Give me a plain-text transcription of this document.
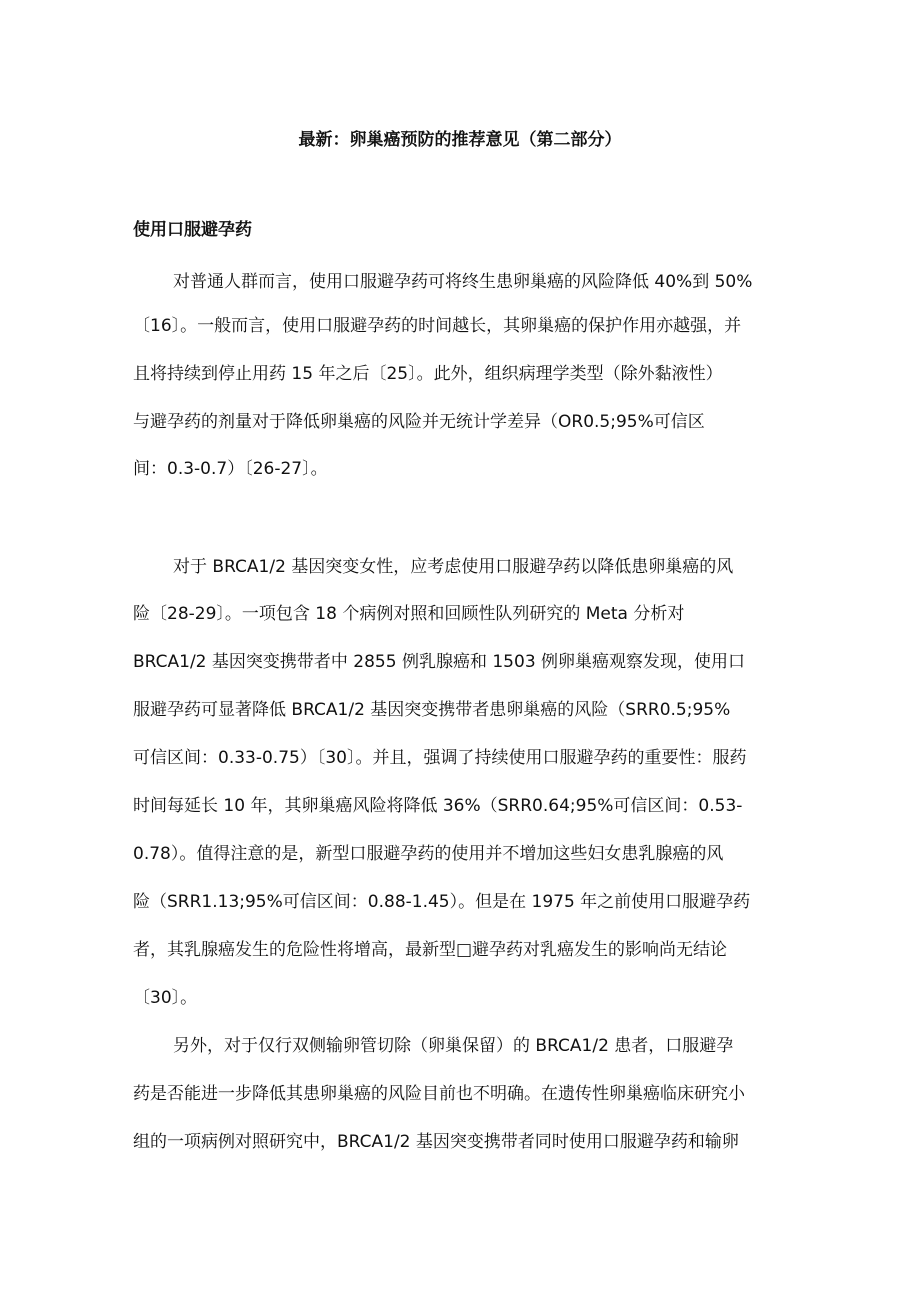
最新：卵巢癌预防的推荐意见（第二部分）
使用口服避孕药
对普通人群而言，使用口服避孕药可将终生患卵巢癌的风险降低 40%到 50%
〔16〕。一般而言，使用口服避孕药的时间越长，其卵巢癌的保护作用亦越强，并
且将持续到停止用药 15 年之后〔25〕。此外，组织病理学类型（除外黏液性）
与避孕药的剂量对于降低卵巢癌的风险并无统计学差异（OR0.5;95%可信区
间：0.3-0.7）〔26-27〕。
对于 BRCA1/2 基因突变女性，应考虑使用口服避孕药以降低患卵巢癌的风
险〔28-29〕。一项包含 18 个病例对照和回顾性队列研究的 Meta 分析对
BRCA1/2 基因突变携带者中 2855 例乳腺癌和 1503 例卵巢癌观察发现，使用口
服避孕药可显著降低 BRCA1/2 基因突变携带者患卵巢癌的风险（SRR0.5;95%
可信区间：0.33-0.75）〔30〕。并且，强调了持续使用口服避孕药的重要性：服药
时间每延长 10 年，其卵巢癌风险将降低 36%（SRR0.64;95%可信区间：0.53-
0.78）。值得注意的是，新型口服避孕药的使用并不增加这些妇女患乳腺癌的风
险（SRR1.13;95%可信区间：0.88-1.45）。但是在 1975 年之前使用口服避孕药
者，其乳腺癌发生的危险性将增高，最新型□避孕药对乳癌发生的影响尚无结论
〔30〕。
另外，对于仅行双侧输卵管切除（卵巢保留）的 BRCA1/2 患者，口服避孕
药是否能进一步降低其患卵巢癌的风险目前也不明确。在遗传性卵巢癌临床研究小
组的一项病例对照研究中，BRCA1/2 基因突变携带者同时使用口服避孕药和输卵
